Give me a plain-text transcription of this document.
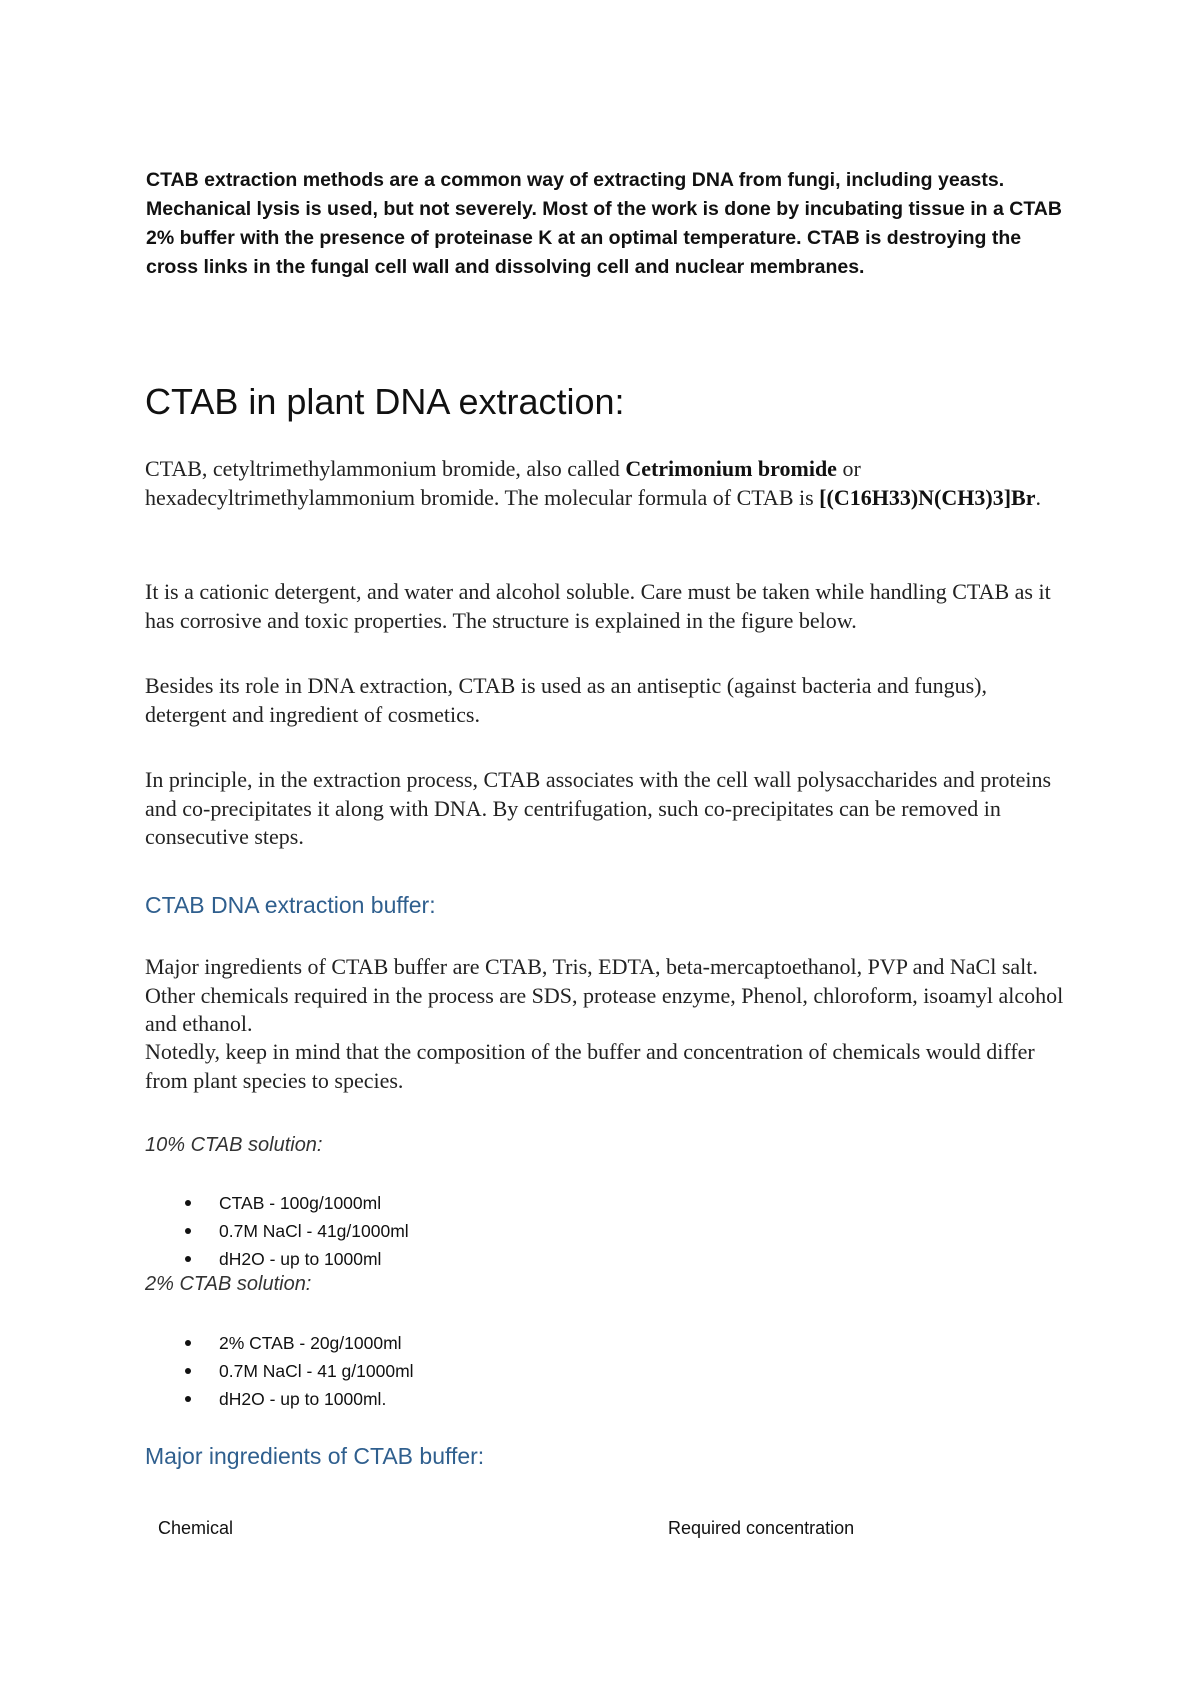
CTAB extraction methods are a common way of extracting DNA from fungi, including yeasts. Mechanical lysis is used, but not severely. Most of the work is done by incubating tissue in a CTAB 2% buffer with the presence of proteinase K at an optimal temperature. CTAB is destroying the cross links in the fungal cell wall and dissolving cell and nuclear membranes.

CTAB in plant DNA extraction:

CTAB, cetyltrimethylammonium bromide, also called Cetrimonium bromide or hexadecyltrimethylammonium bromide. The molecular formula of CTAB is [(C16H33)N(CH3)3]Br.

It is a cationic detergent, and water and alcohol soluble. Care must be taken while handling CTAB as it has corrosive and toxic properties. The structure is explained in the figure below.

Besides its role in DNA extraction, CTAB is used as an antiseptic (against bacteria and fungus), detergent and ingredient of cosmetics.

In principle, in the extraction process, CTAB associates with the cell wall polysaccharides and proteins and co-precipitates it along with DNA. By centrifugation, such co-precipitates can be removed in consecutive steps.

CTAB DNA extraction buffer:

Major ingredients of CTAB buffer are CTAB, Tris, EDTA, beta-mercaptoethanol, PVP and NaCl salt. Other chemicals required in the process are SDS, protease enzyme, Phenol, chloroform, isoamyl alcohol and ethanol.

Notedly, keep in mind that the composition of the buffer and concentration of chemicals would differ from plant species to species.

10% CTAB solution:

CTAB - 100g/1000ml
0.7M NaCl - 41g/1000ml
dH2O - up to 1000ml

2% CTAB solution:

2% CTAB - 20g/1000ml
0.7M NaCl - 41 g/1000ml
dH2O - up to 1000ml.
Major ingredients of CTAB buffer:

Chemical	Required concentration
